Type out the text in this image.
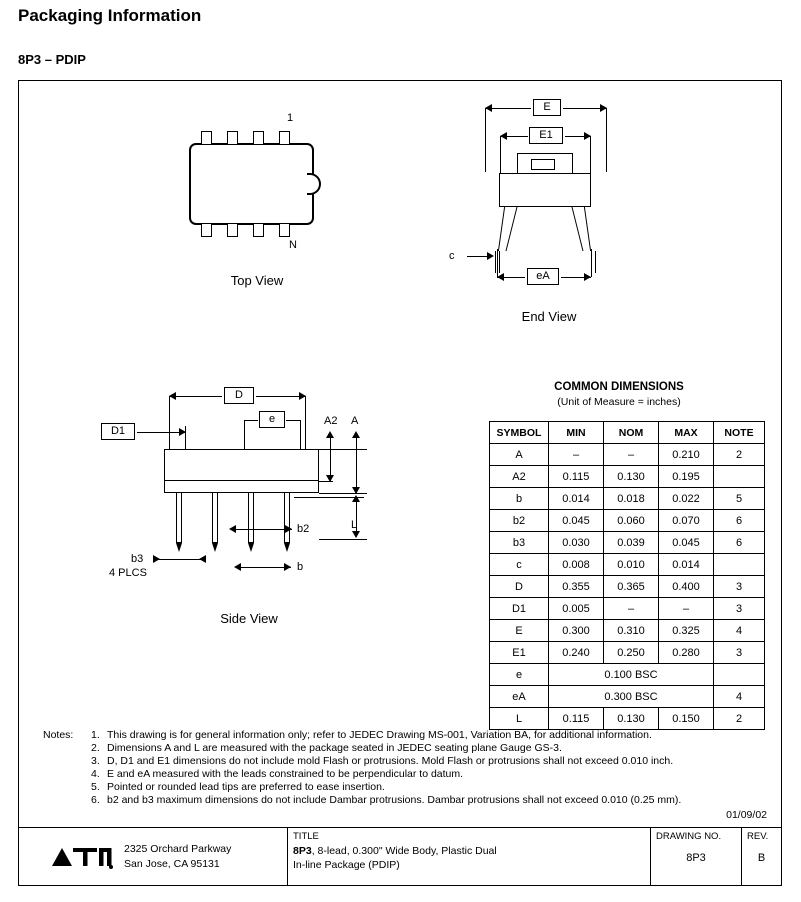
Packaging Information
8P3 – PDIP
1
N
Top View
E
E1
c
eA
End View
D
e
D1
A2 A
L
b2
b3
4 PLCS	b
Side View
COMMON DIMENSIONS
(Unit of Measure = inches)
SYMBOL	MIN	NOM	MAX	NOTE
A	–	–	0.210	2
A2	0.115	0.130	0.195	
b	0.014	0.018	0.022	5
b2	0.045	0.060	0.070	6
b3	0.030	0.039	0.045	6
c	0.008	0.010	0.014	
D	0.355	0.365	0.400	3
D1	0.005	–	–	3
E	0.300	0.310	0.325	4
E1	0.240	0.250	0.280	3
e	0.100 BSC			
eA	0.300 BSC			4
L	0.115	0.130	0.150	2
Notes: 1. This drawing is for general information only; refer to JEDEC Drawing MS-001, Variation BA, for additional information.
2. Dimensions A and L are measured with the package seated in JEDEC seating plane Gauge GS-3.
3. D, D1 and E1 dimensions do not include mold Flash or protrusions. Mold Flash or protrusions shall not exceed 0.010 inch.
4. E and eA measured with the leads constrained to be perpendicular to datum.
5. Pointed or rounded lead tips are preferred to ease insertion.
6. b2 and b3 maximum dimensions do not include Dambar protrusions. Dambar protrusions shall not exceed 0.010 (0.25 mm).
01/09/02
2325 Orchard Parkway
San Jose, CA 95131
TITLE
8P3, 8-lead, 0.300" Wide Body, Plastic Dual
In-line Package (PDIP)
DRAWING NO.
8P3
REV.
B
